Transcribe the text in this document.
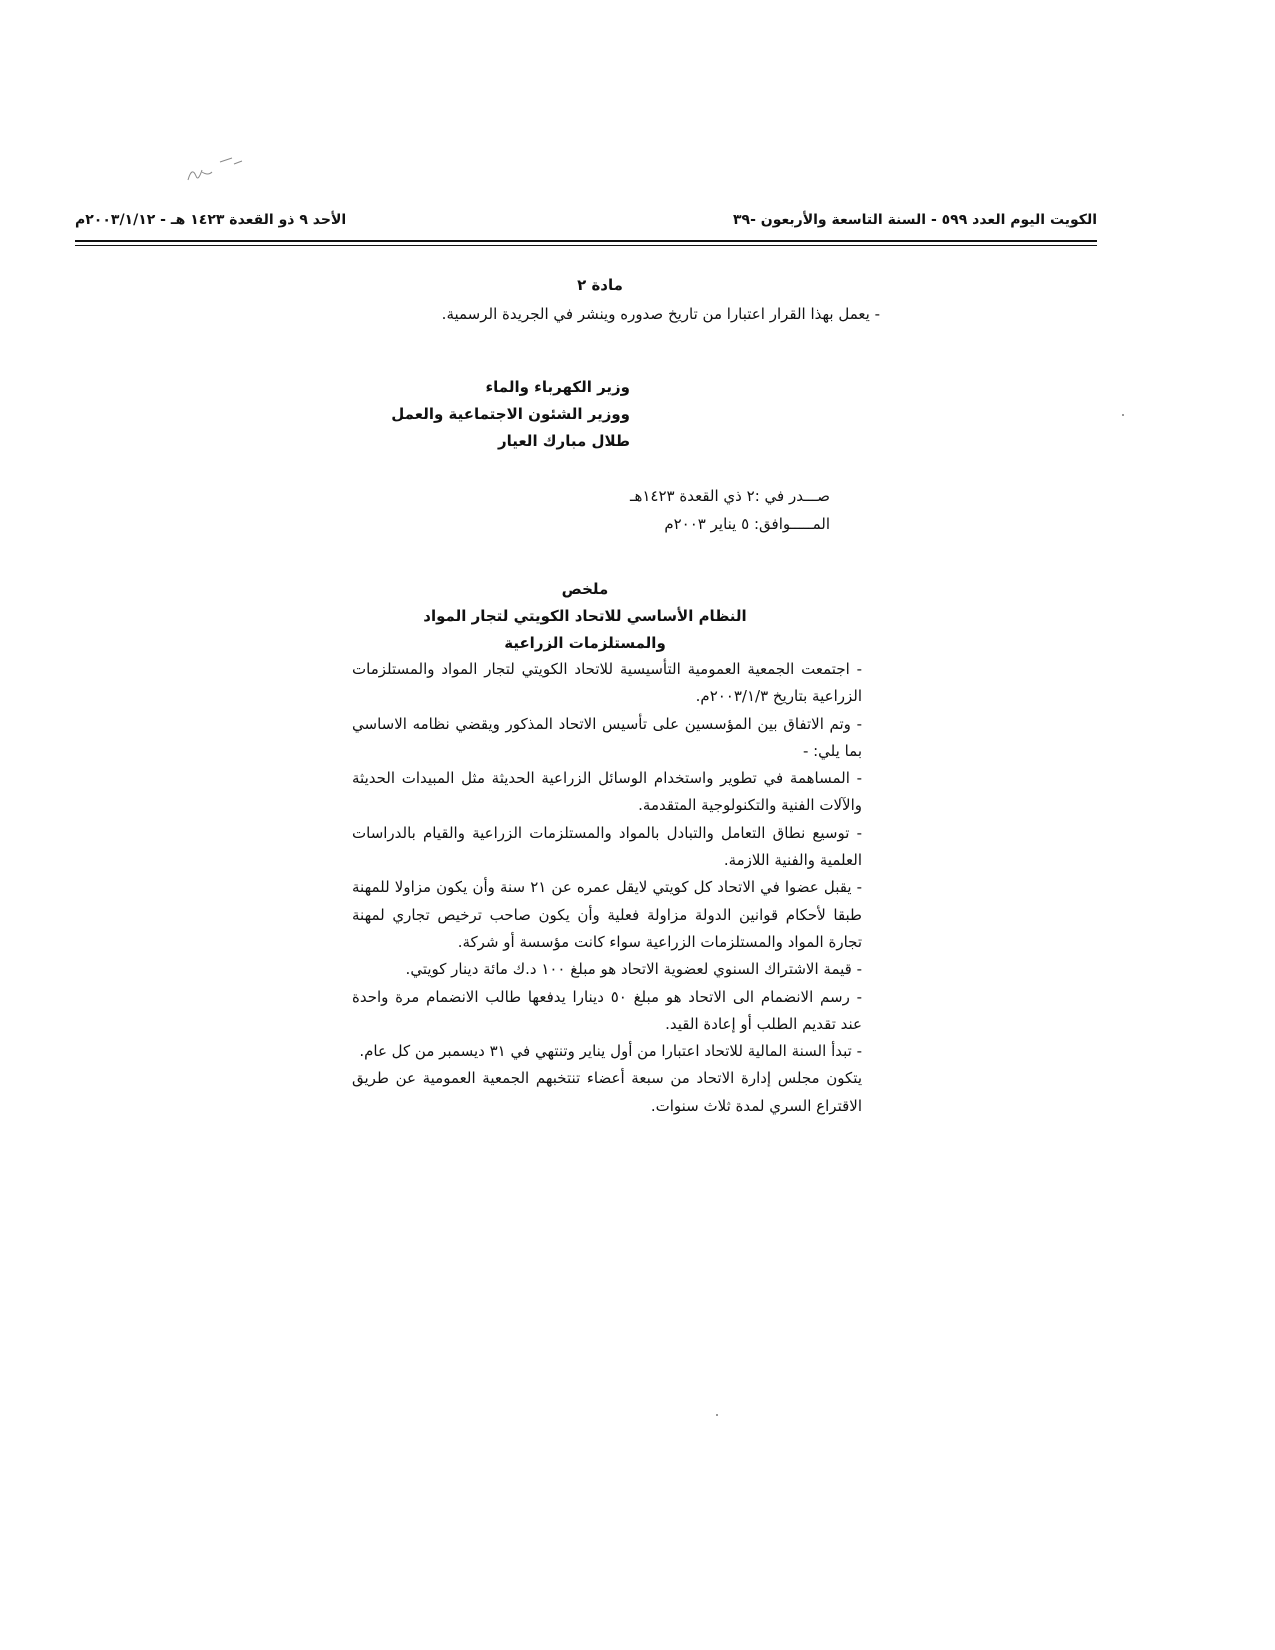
الكويت اليوم العدد ٥٩٩ - السنة التاسعة والأربعون -٣٩
الأحد ٩ ذو القعدة ١٤٢٣ هـ - ٢٠٠٣/١/١٢م
مادة ٢

- يعمل بهذا القرار اعتبارا من تاريخ صدوره وينشر في الجريدة الرسمية.

وزير الكهرباء والماء
ووزير الشئون الاجتماعية والعمل
طلال مبارك العيار
صـــدر في :٢ ذي القعدة ١٤٢٣هـ
المـــــوافق: ٥ يناير ٢٠٠٣م
ملخص
النظام الأساسي للاتحاد الكويتي لتجار المواد
والمستلزمات الزراعية

- اجتمعت الجمعية العمومية التأسيسية للاتحاد الكويتي لتجار المواد والمستلزمات الزراعية بتاريخ ٢٠٠٣/١/٣م.

- وتم الاتفاق بين المؤسسين على تأسيس الاتحاد المذكور ويقضي نظامه الاساسي بما يلي: -

- المساهمة في تطوير واستخدام الوسائل الزراعية الحديثة مثل المبيدات الحديثة والآلات الفنية والتكنولوجية المتقدمة.

- توسيع نطاق التعامل والتبادل بالمواد والمستلزمات الزراعية والقيام بالدراسات العلمية والفنية اللازمة.

- يقبل عضوا في الاتحاد كل كويتي لايقل عمره عن ٢١ سنة وأن يكون مزاولا للمهنة طبقا لأحكام قوانين الدولة مزاولة فعلية وأن يكون صاحب ترخيص تجاري لمهنة تجارة المواد والمستلزمات الزراعية سواء كانت مؤسسة أو شركة.

- قيمة الاشتراك السنوي لعضوية الاتحاد هو مبلغ ١٠٠ د.ك مائة دينار كويتي.

- رسم الانضمام الى الاتحاد هو مبلغ ٥٠ دينارا يدفعها طالب الانضمام مرة واحدة عند تقديم الطلب أو إعادة القيد.

- تبدأ السنة المالية للاتحاد اعتبارا من أول يناير وتنتهي في ٣١ ديسمبر من كل عام.

يتكون مجلس إدارة الاتحاد من سبعة أعضاء تنتخبهم الجمعية العمومية عن طريق الاقتراع السري لمدة ثلاث سنوات.
